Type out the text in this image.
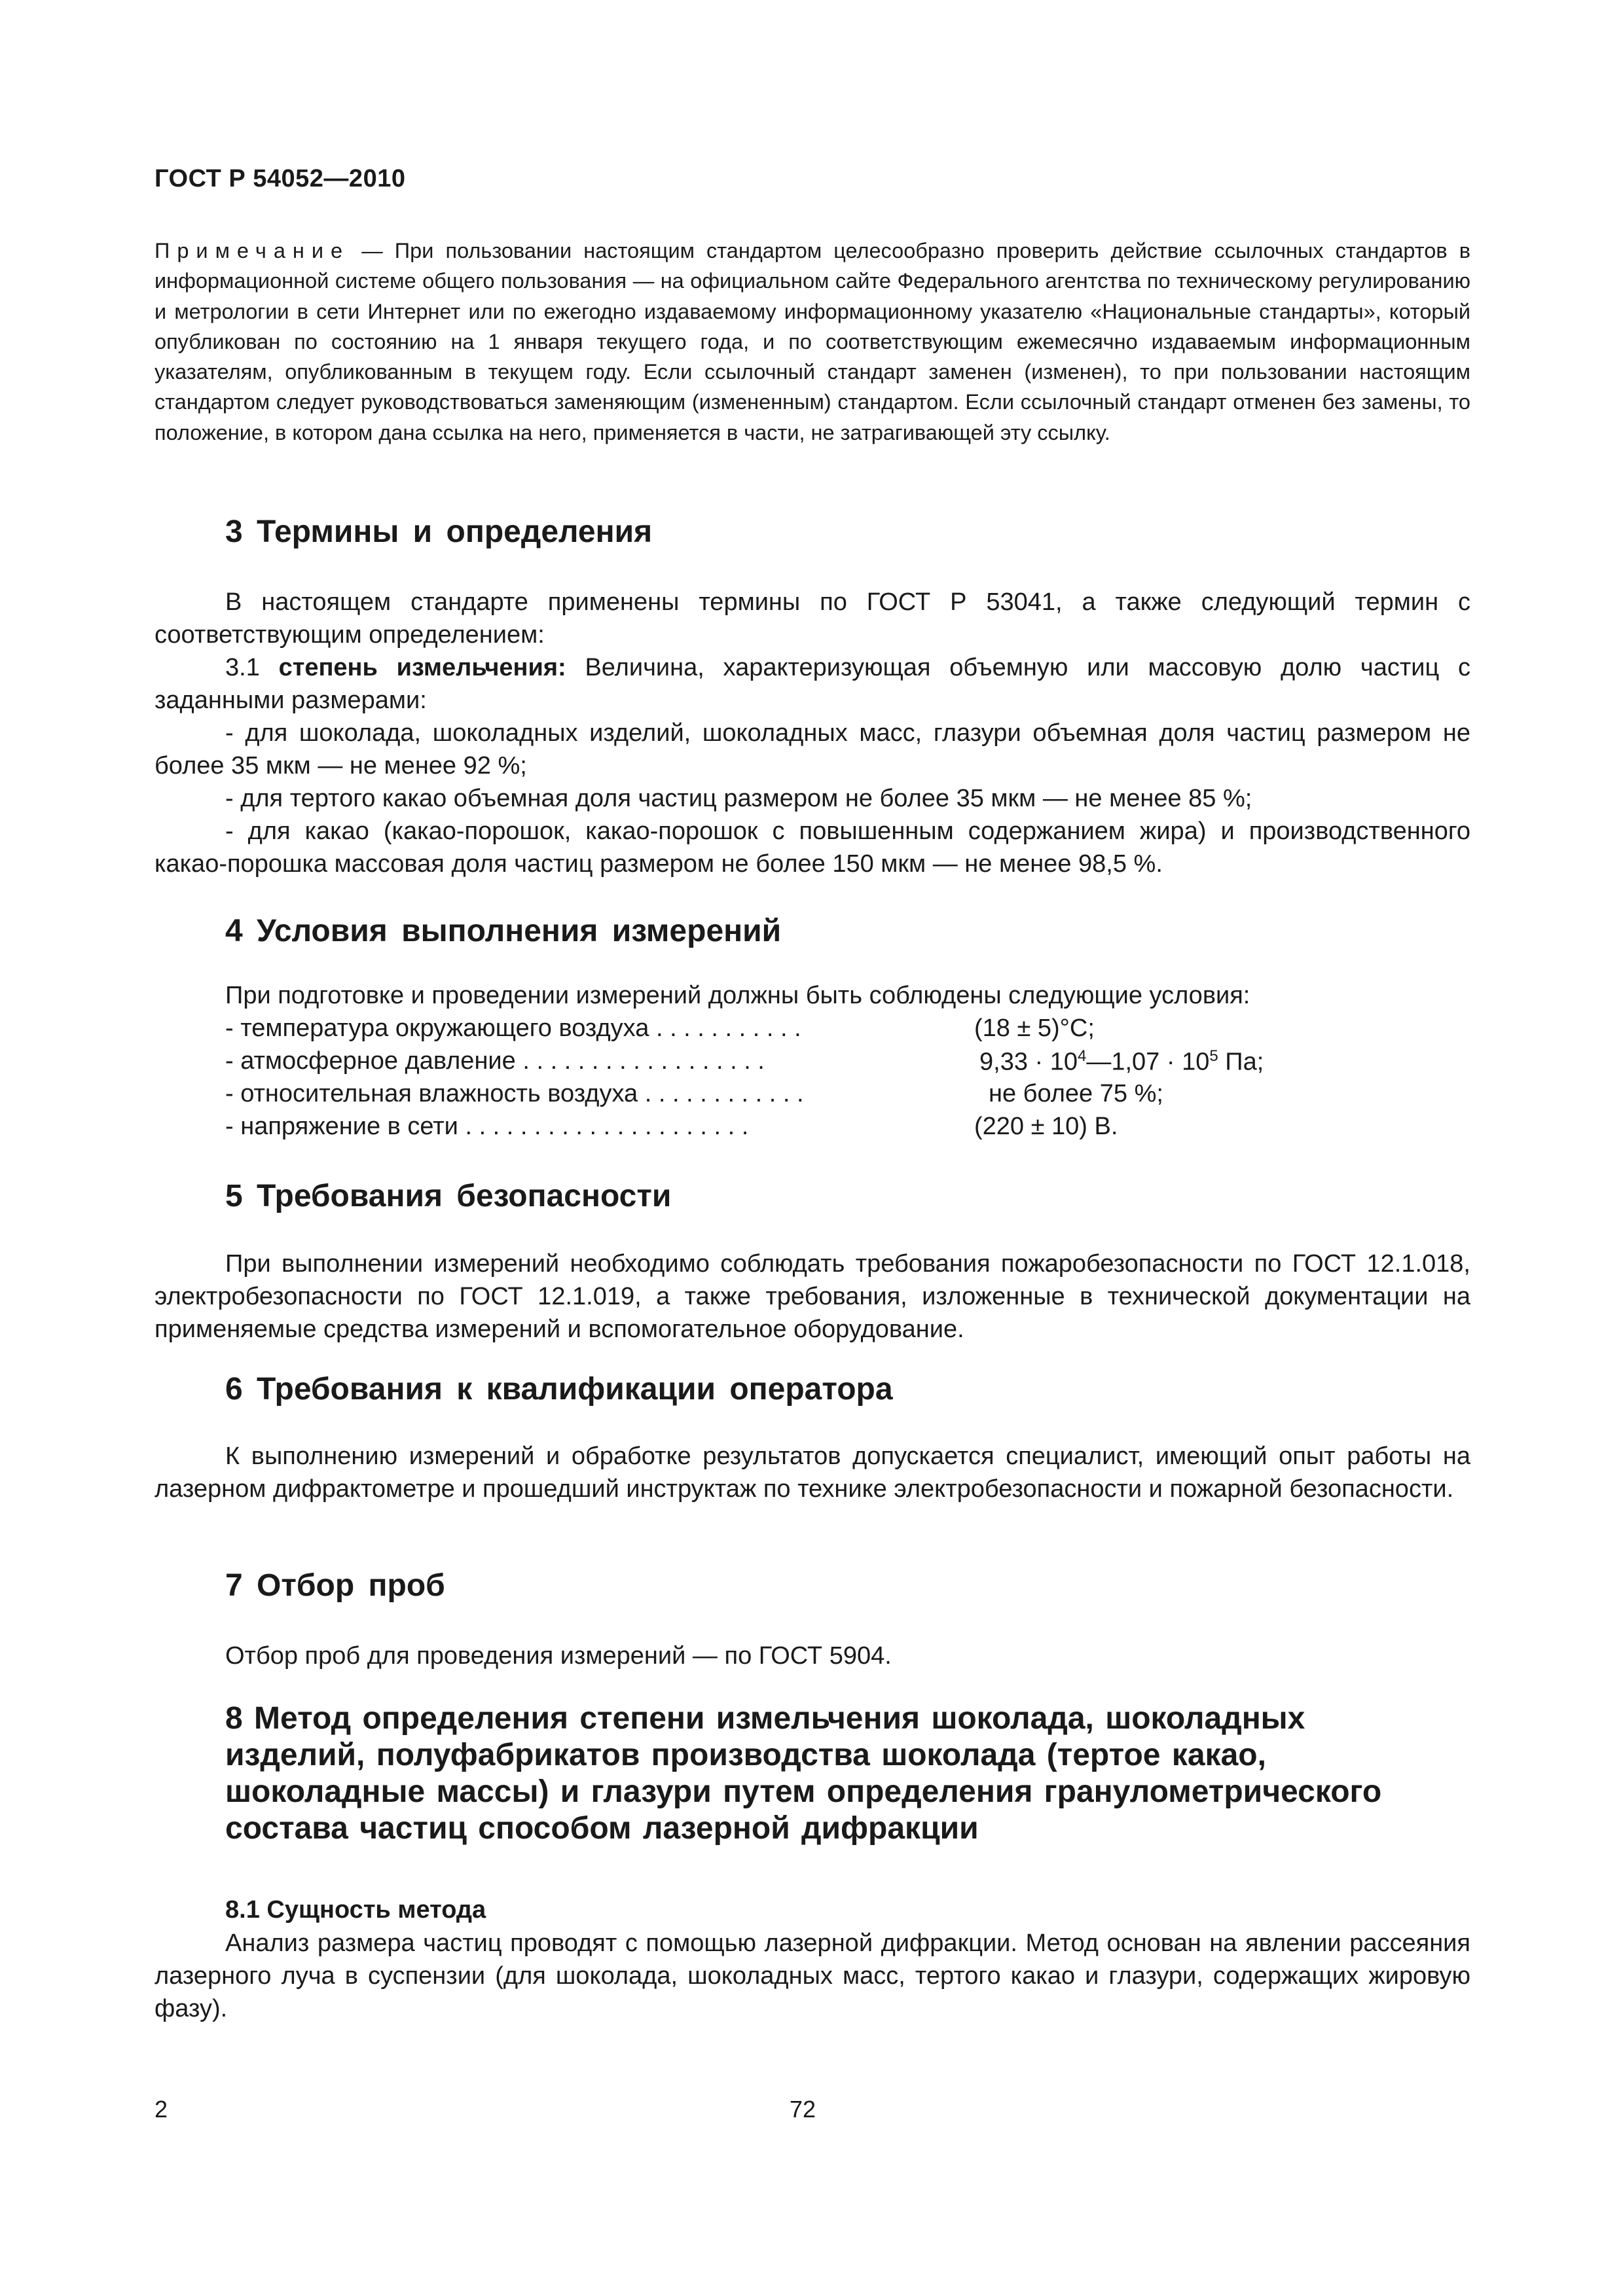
ГОСТ Р 54052—2010
Примечание — При пользовании настоящим стандартом целесообразно проверить действие ссылочных стандартов в информационной системе общего пользования — на официальном сайте Федерального агентства по техническому регулированию и метрологии в сети Интернет или по ежегодно издаваемому информационному указателю «Национальные стандарты», который опубликован по состоянию на 1 января текущего года, и по соответствующим ежемесячно издаваемым информационным указателям, опубликованным в текущем году. Если ссылочный стандарт заменен (изменен), то при пользовании настоящим стандартом следует руководствоваться заменяющим (измененным) стандартом. Если ссылочный стандарт отменен без замены, то положение, в котором дана ссылка на него, применяется в части, не затрагивающей эту ссылку.
3 Термины и определения

В настоящем стандарте применены термины по ГОСТ Р 53041, а также следующий термин с соответствующим определением:

3.1 степень измельчения: Величина, характеризующая объемную или массовую долю частиц с заданными размерами:

- для шоколада, шоколадных изделий, шоколадных масс, глазури объемная доля частиц размером не более 35 мкм — не менее 92 %;

- для тертого какао объемная доля частиц размером не более 35 мкм — не менее 85 %;

- для какао (какао-порошок, какао-порошок с повышенным содержанием жира) и производственного какао-порошка массовая доля частиц размером не более 150 мкм — не менее 98,5 %.

4 Условия выполнения измерений
При подготовке и проведении измерений должны быть соблюдены следующие условия:
- температура окружающего воздуха . . . . . . . . . . .	(18 ± 5)°C;
- атмосферное давление . . . . . . . . . . . . . . . . . .	$9,33 \cdot 10^4—1,07 \cdot 10^5$ Па;
- относительная влажность воздуха . . . . . . . . . . . .	не более 75 %;
- напряжение в сети . . . . . . . . . . . . . . . . . . . . .	(220 ± 10) В.
5 Требования безопасности

При выполнении измерений необходимо соблюдать требования пожаробезопасности по ГОСТ 12.1.018, электробезопасности по ГОСТ 12.1.019, а также требования, изложенные в технической документации на применяемые средства измерений и вспомогательное оборудование.

6 Требования к квалификации оператора

К выполнению измерений и обработке результатов допускается специалист, имеющий опыт работы на лазерном дифрактометре и прошедший инструктаж по технике электробезопасности и пожарной безопасности.

7 Отбор проб

Отбор проб для проведения измерений — по ГОСТ 5904.

8 Метод определения степени измельчения шоколада, шоколадных
изделий, полуфабрикатов производства шоколада (тертое какао,
шоколадные массы) и глазури путем определения гранулометрического
состава частиц способом лазерной дифракции
8.1 Сущность метода

Анализ размера частиц проводят с помощью лазерной дифракции. Метод основан на явлении рассеяния лазерного луча в суспензии (для шоколада, шоколадных масс, тертого какао и глазури, содержащих жировую фазу).

2	72
